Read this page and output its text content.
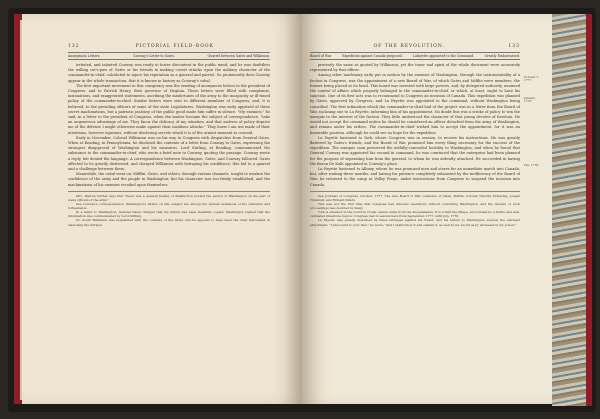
132	PICTORIAL FIELD-BOOK
Anonymous Letters.	Conway's Letter to Gates.	Quarrel between Gates and Wilkinson.

irritated, and talented Conway was ready to foster discontent in the public mind; and he was doubtless the willing cat's-paw of Gates or his friends in making covert attacks upon the military character of the commander-in-chief, calculated to injure his reputation as a general and patriot. So prominently does Conway appear in the whole transaction, that it is known in history as Conway's cabal.

The first important movement in this conspiracy was the sending of anonymous letters to the president of Congress, and to Patrick Henry, then governor of Virginia. These letters were filled with complaints, insinuations, and exaggerated statements, ascribing the misfortunes of the army to the incapacity or ill-timed policy of the commander-in-chief. Similar letters were sent to different members of Congress; and, it is believed, to the presiding officers of some of the state Legislatures. Washington was early apprised of these secret machinations, but a patriotic jealousy of the public good made him suffer in silence. "My enemies," he said, in a letter to the president of Congress, when the matter became the subject of correspondence, "take an ungenerous advantage of me. They know the delicacy of my situation, and that motives of policy deprive me of the defense I might otherwise make against their insidious attacks." They knew I am not made of their intentions, however injurious, without disclosing secrets which it is of the utmost moment to conceal.

Early in November, Colonel Wilkinson was on his way to Congress with despatches from General Gates. When at Reading, in Pennsylvania, he disclosed the contents of a letter from Conway to Gates, expressing the strongest disapproval of Washington and his measures. Lord Stirling, at Reading, communicated the substance to the commander-in-chief, who wrote a brief note to Conway, quoting the passage. Conway wrote a reply, but denied the language. A correspondence between Washington, Gates, and Conway followed. Gates affected to be greatly distressed, and charged Wilkinson with betraying his confidence; this led to a quarrel and a challenge between them.

Meanwhile, the cabal went on. Mifflin, Gates, and others, through various channels, sought to weaken the confidence of the army and the people in Washington; but his character was too firmly established, and the machinations of his enemies recoiled upon themselves.

Mrs. Warren further says that "there was a general feeling of disaffection toward the person of Washington on the part of many officers of the army."

See Conway's correspondence. Washington's letters on this subject are among the noblest evidences of his character and forbearance.

In a letter to Washington, General Gates charged that his letters had been stealthily copied; Washington replied that the information was communicated by Lord Stirling.

No doubt Wilkinson was acquainted with the contents of the letter, and he appears to have been the chief instrument in disclosing the intrigue.

OF THE REVOLUTION.	133
Board of War.	Expedition against Canada proposed.	Lafayette appointed to the Command.	Greatly Embarrassed.
October 7, 1777.
January, 1778.
Feb. 1778.

precisely the same as quoted by Wilkinson, yet the tenor and spirit of the whole document were accurately represented by that officer.

Among other machinery early put in motion by the enemies of Washington, through the instrumentality of a faction in Congress, was the appointment of a new Board of War, of which Gates and Mifflin were members, the former being placed at its head. This board was invested with large powers, and, by delegated authority, assumed the control of affairs which properly belonged to the commander-in-chief, or which, at least, ought to have his sanction. One of its first acts was to recommend to Congress an invasion of Canada. This expedition was planned by Gates, approved by Congress, and La Fayette was appointed to the command, without Washington being consulted. The first intimation which the commander-in-chief had of the project was in a letter from the Board of War, inclosing one to La Fayette, informing him of his appointment. No doubt this was a stroke of policy to win the marquis to the interest of the faction. They little understood the character of that young devotee of freedom. He would not accept the command unless he should be considered an officer detached from the army of Washington, and remain under his orders. The commander-in-chief wished him to accept the appointment, for it was an honorable position, although he could see no hope for the expedition.

La Fayette hastened to York, where Congress was in session, to receive his instructions. He was greatly flattered by Gates's friends, and the Board of War promised him every thing necessary for the success of the expedition. The marquis soon perceived the artfully-concealed hostility to Washington, and when he found that General Conway was appointed his second in command, he was convinced that the enterprise had been planned for the purpose of separating him from the general, to whom he was ardently attached. He succeeded in having the Baron De Kalb appointed in Conway's place.

La Fayette hastened to Albany, where he was promised men and stores for an immediate march into Canada; but, after waiting three months, and having his patience completely exhausted by the inefficiency of the Board of War, he returned to the camp at Valley Forge, under instructions from Congress to suspend the invasion into Canada.

See Journals of Congress, October, 1777. The new Board of War consisted of Gates, Mifflin, Colonel Timothy Pickering, Joseph Trumbull, and Richard Peters.

This was not the first time that Congress had directed operations without consulting Washington, and the wisdom of such proceedings was doubted by many.

York is situated on the Codorus Creek, eleven miles from the Susquehanna. It is a thriving village, surrounded by a fertile and well-cultivated limestone region. Congress met in session here from September, 1777, until July, 1778.

La Fayette was greatly disturbed by these intrigues against his friend, and his letters to Washington express the warmest attachment. "I am bound to your fate," he wrote, "and I shall follow it and sustain it, as well by my sword as by all means in my power."
